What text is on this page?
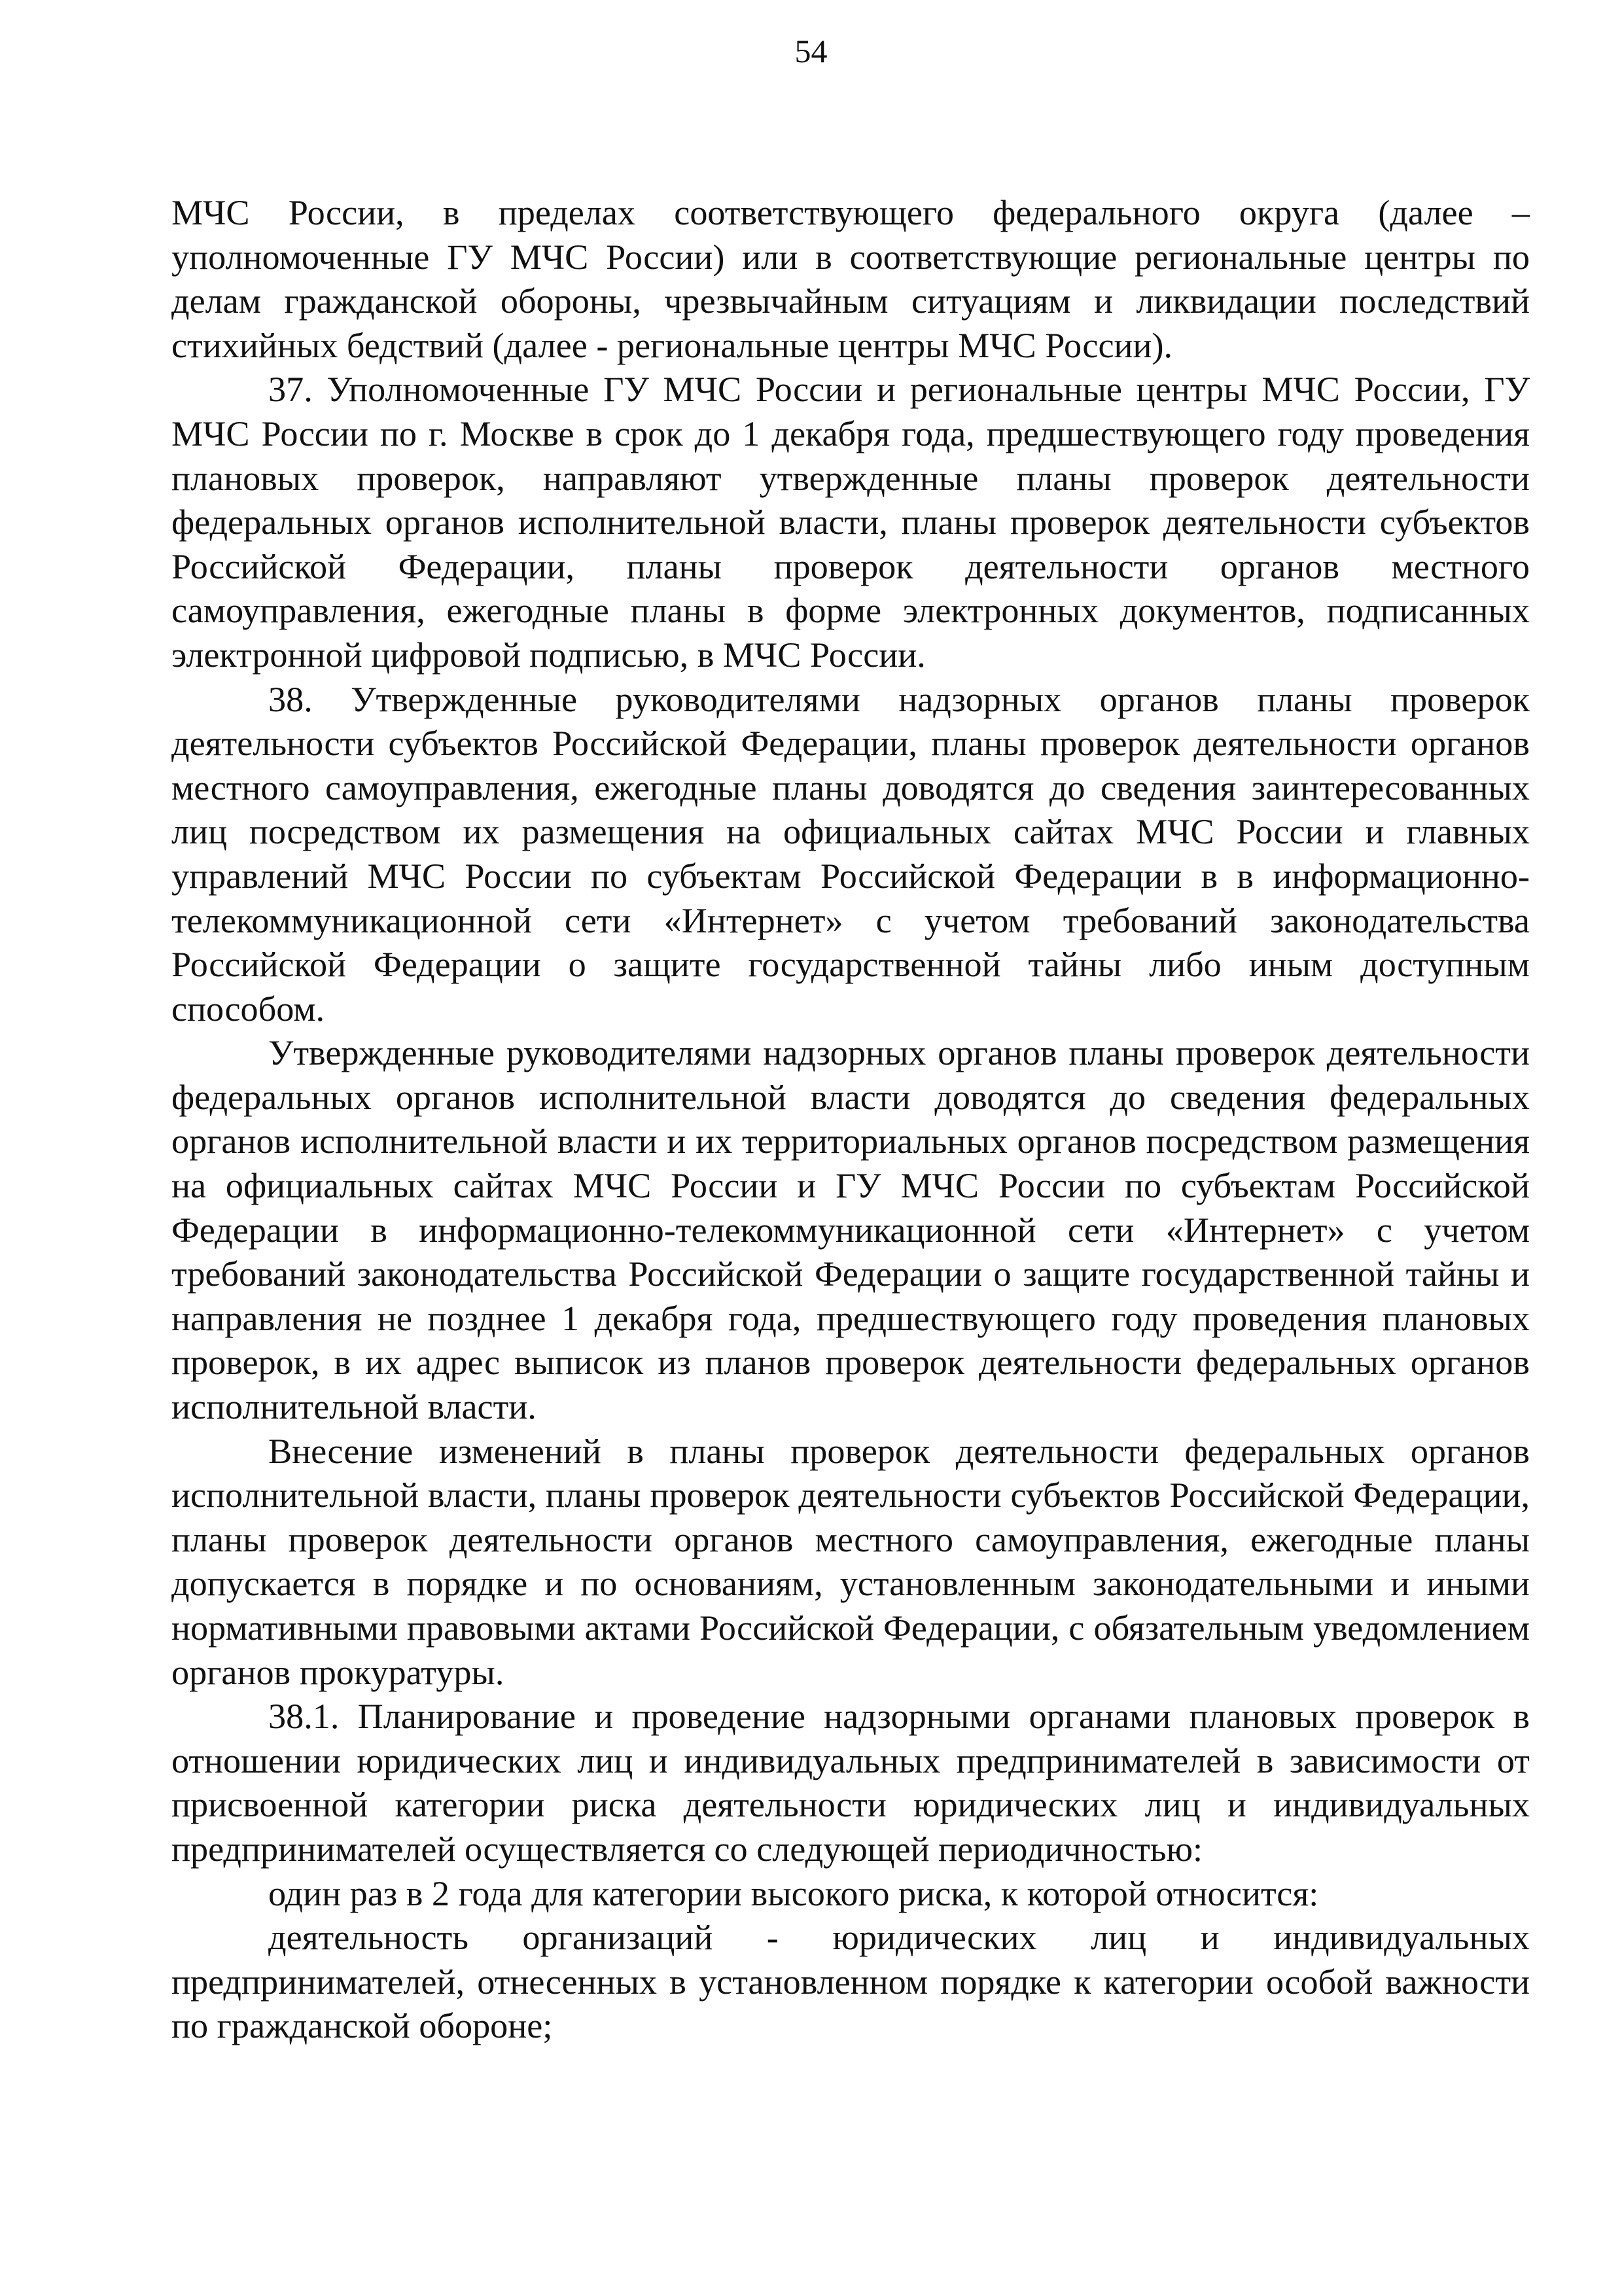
54

МЧС России, в пределах соответствующего федерального округа (далее – уполномоченные ГУ МЧС России) или в соответствующие региональные центры по делам гражданской обороны, чрезвычайным ситуациям и ликвидации последствий стихийных бедствий (далее - региональные центры МЧС России).

37. Уполномоченные ГУ МЧС России и региональные центры МЧС России, ГУ МЧС России по г. Москве в срок до 1 декабря года, предшествующего году проведения плановых проверок, направляют утвержденные планы проверок деятельности федеральных органов исполнительной власти, планы проверок деятельности субъектов Российской Федерации, планы проверок деятельности органов местного самоуправления, ежегодные планы в форме электронных документов, подписанных электронной цифровой подписью, в МЧС России.

38. Утвержденные руководителями надзорных органов планы проверок деятельности субъектов Российской Федерации, планы проверок деятельности органов местного самоуправления, ежегодные планы доводятся до сведения заинтересованных лиц посредством их размещения на официальных сайтах МЧС России и главных управлений МЧС России по субъектам Российской Федерации в в информационно-телекоммуникационной сети «Интернет» с учетом требований законодательства Российской Федерации о защите государственной тайны либо иным доступным способом.

Утвержденные руководителями надзорных органов планы проверок деятельности федеральных органов исполнительной власти доводятся до сведения федеральных органов исполнительной власти и их территориальных органов посредством размещения на официальных сайтах МЧС России и ГУ МЧС России по субъектам Российской Федерации в информационно-телекоммуникационной сети «Интернет» с учетом требований законодательства Российской Федерации о защите государственной тайны и направления не позднее 1 декабря года, предшествующего году проведения плановых проверок, в их адрес выписок из планов проверок деятельности федеральных органов исполнительной власти.

Внесение изменений в планы проверок деятельности федеральных органов исполнительной власти, планы проверок деятельности субъектов Российской Федерации, планы проверок деятельности органов местного самоуправления, ежегодные планы допускается в порядке и по основаниям, установленным законодательными и иными нормативными правовыми актами Российской Федерации, с обязательным уведомлением органов прокуратуры.

38.1. Планирование и проведение надзорными органами плановых проверок в отношении юридических лиц и индивидуальных предпринимателей в зависимости от присвоенной категории риска деятельности юридических лиц и индивидуальных предпринимателей осуществляется со следующей периодичностью:

один раз в 2 года для категории высокого риска, к которой относится:

деятельность организаций - юридических лиц и индивидуальных предпринимателей, отнесенных в установленном порядке к категории особой важности по гражданской обороне;
